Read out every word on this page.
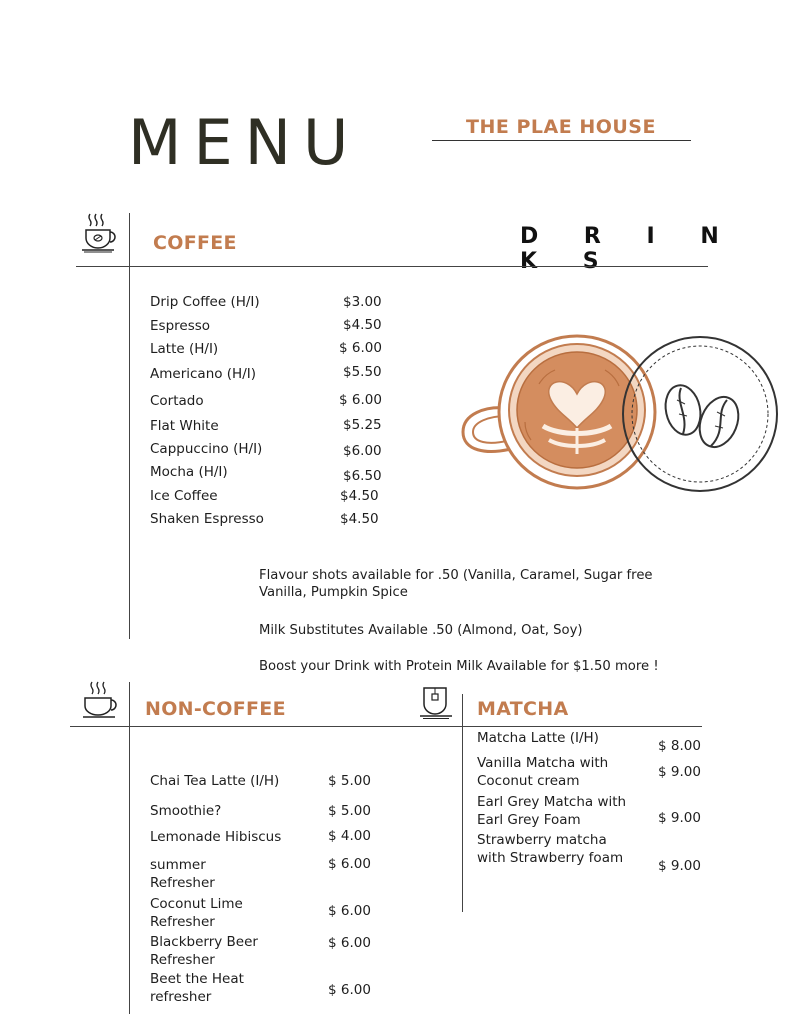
MENU	THE PLAE HOUSE
D R I N K S
COFFEE
Drip Coffee (H/I)	$3.00
Espresso	$4.50
Latte (H/I)	$ 6.00
Americano (H/I)	$5.50
Cortado	$ 6.00
Flat White	$5.25
Cappuccino (H/I)	$6.00
Mocha (H/I)	$6.50
Ice Coffee	$4.50
Shaken Espresso	$4.50
Flavour shots available for .50 (Vanilla, Caramel, Sugar free Vanilla, Pumpkin Spice
Milk Substitutes Available .50 (Almond, Oat, Soy)
Boost your Drink with Protein Milk Available for $1.50 more !
NON-COFFEE	MATCHA
Chai Tea Latte (I/H)	$ 5.00
Smoothie?	$ 5.00
Lemonade Hibiscus	$ 4.00
summer
Refresher
$ 6.00
Coconut Lime
Refresher
$ 6.00
Blackberry Beer
Refresher
$ 6.00
Beet the Heat
refresher	$ 6.00
Matcha Latte (I/H)	$ 8.00
Vanilla Matcha with
Coconut cream
$ 9.00
Earl Grey Matcha with
Earl Grey Foam	$ 9.00
Strawberry matcha
with Strawberry foam	$ 9.00
